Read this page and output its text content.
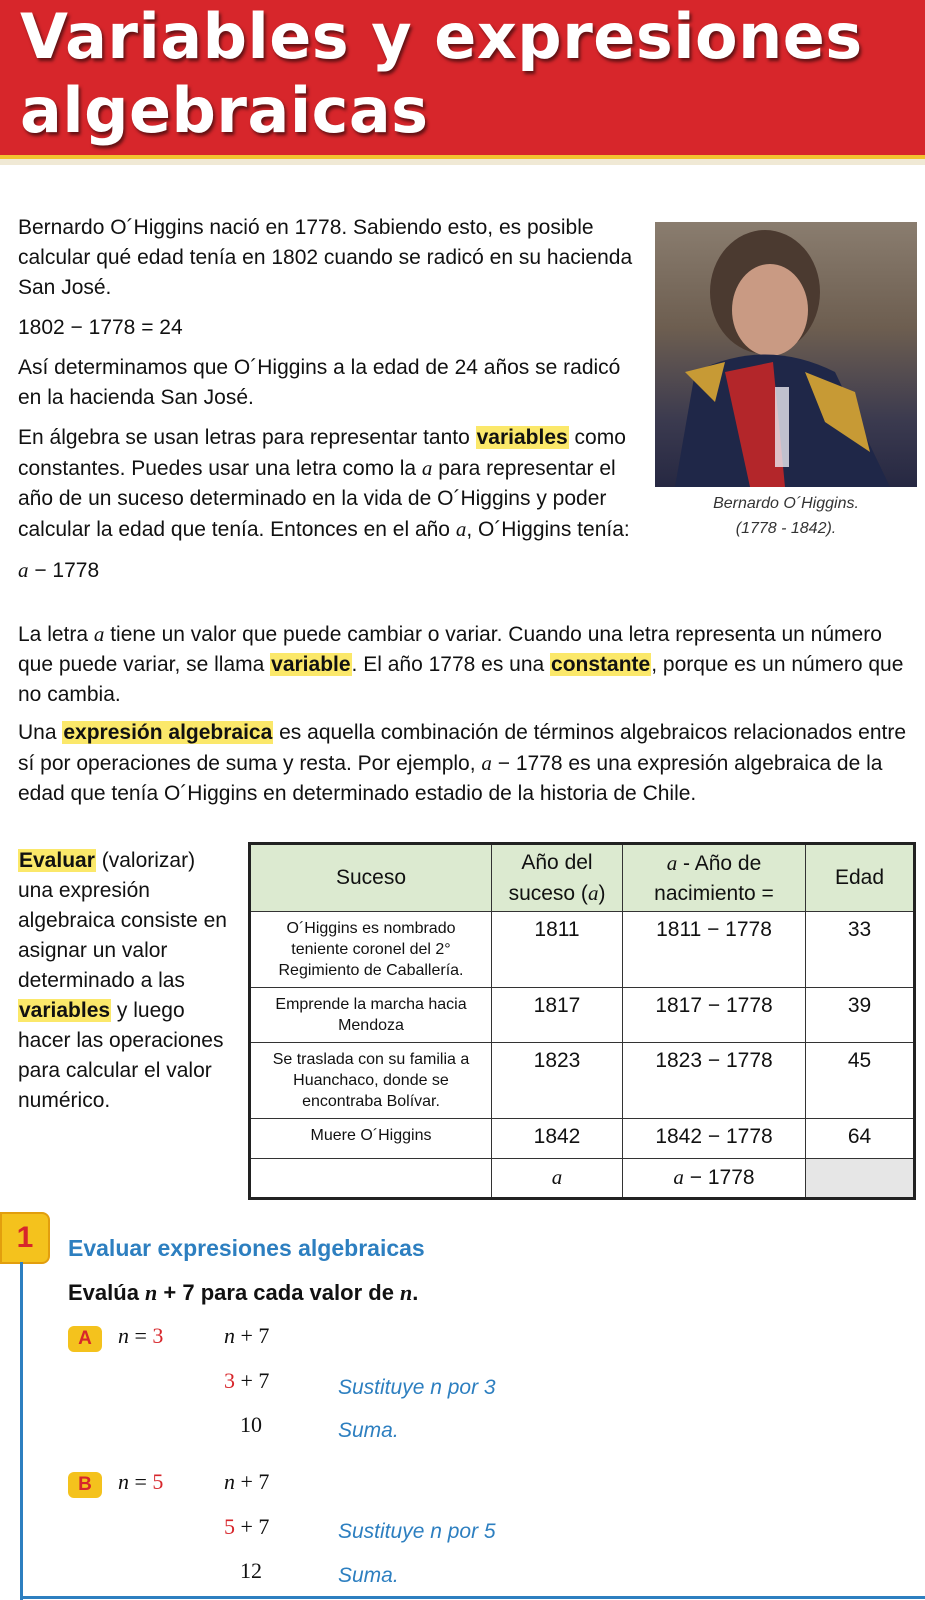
Variables y expresiones
algebraicas

Bernardo O´Higgins nació en 1778. Sabiendo esto, es posible calcular qué edad tenía en 1802 cuando se radicó en su hacienda San José.

1802 − 1778 = 24

Así determinamos que O´Higgins a la edad de 24 años se radicó en la hacienda San José.

En álgebra se usan letras para representar tanto variables como constantes. Puedes usar una letra como la a para representar el año de un suceso determinado en la vida de O´Higgins y poder calcular la edad que tenía. Entonces en el año a, O´Higgins tenía:

a − 1778

Bernardo O´Higgins.
(1778 - 1842).

La letra a tiene un valor que puede cambiar o variar. Cuando una letra representa un número que puede variar, se llama variable. El año 1778 es una constante, porque es un número que no cambia.

Una expresión algebraica es aquella combinación de términos algebraicos relacionados entre sí por operaciones de suma y resta. Por ejemplo, a − 1778 es una expresión algebraica de la edad que tenía O´Higgins en determinado estadio de la historia de Chile.

Evaluar (valorizar) una expresión algebraica consiste en asignar un valor determinado a las variables y luego hacer las operaciones para calcular el valor numérico.

Suceso	Año del suceso (a)	a - Año de nacimiento =	Edad
O´Higgins es nombrado teniente coronel del 2° Regimiento de Caballería.	1811	1811 − 1778	33
Emprende la marcha hacia Mendoza	1817	1817 − 1778	39
Se traslada con su familia a Huanchaco, donde se encontraba Bolívar.	1823	1823 − 1778	45
Muere O´Higgins	1842	1842 − 1778	64
	a	a − 1778	
1	Evaluar expresiones algebraicas
Evalúa n + 7 para cada valor de n.
A	n = 3	n + 7
3 + 7	Sustituye n por 3
10	Suma.
B	n = 5	n + 7
5 + 7	Sustituye n por 5
12	Suma.
